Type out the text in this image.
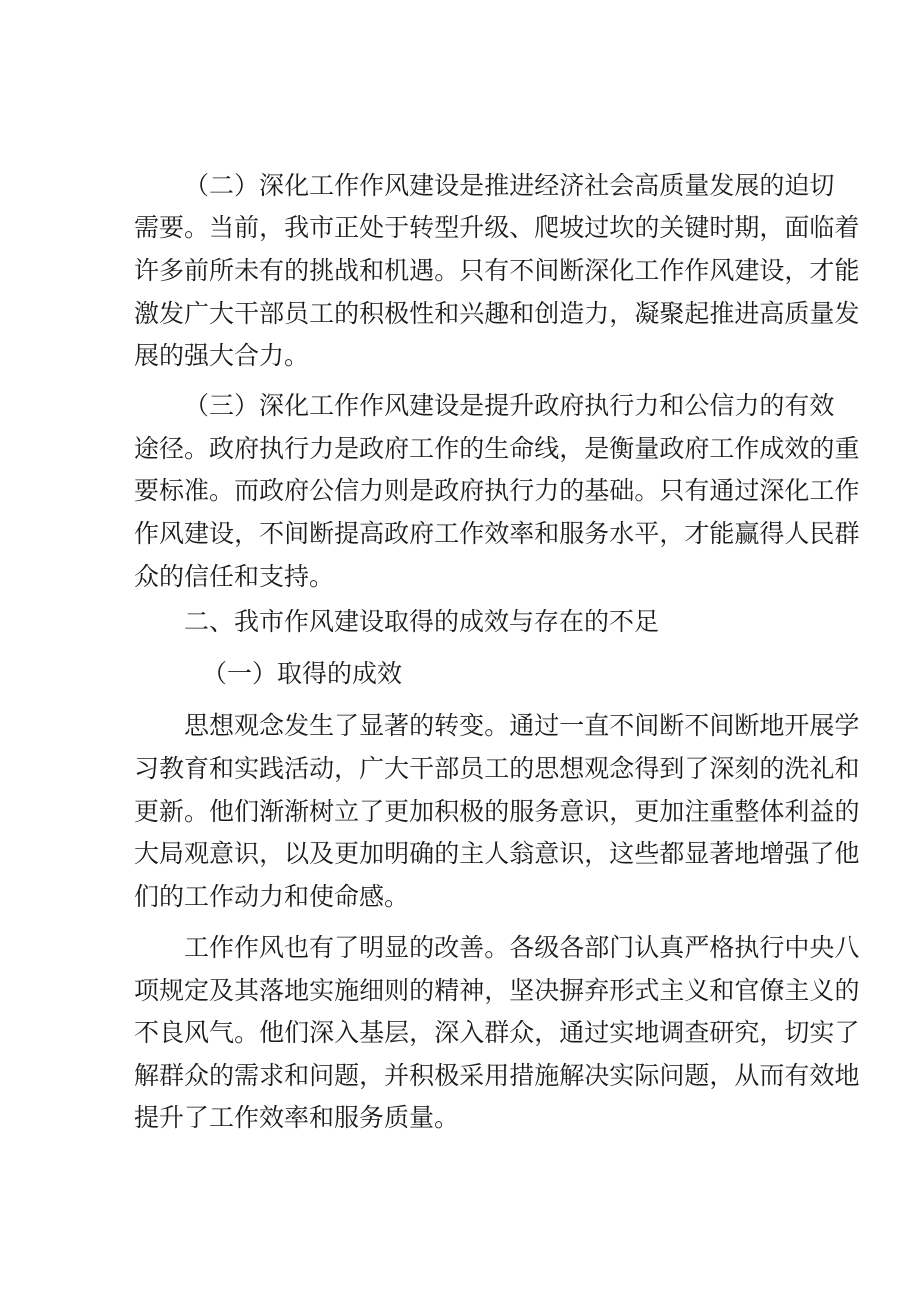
（ 二 ） 深 化 工 作 作 风 建 设 是 推 进 经 济 社 会 高 质 量 发 展 的 迫 切
需 要 。 当 前 ， 我 市 正 处 于 转 型 升 级 、 爬 坡 过 坎 的 关 键 时 期 ， 面 临 着
许 多 前 所 未 有 的 挑 战 和 机 遇 。 只 有 不 间 断 深 化 工 作 作 风 建 设 ， 才 能
激 发 广 大 干 部 员 工 的 积 极 性 和 兴 趣 和 创 造 力 ， 凝 聚 起 推 进 高 质 量 发
展的强大合力。
（ 三 ） 深 化 工 作 作 风 建 设 是 提 升 政 府 执 行 力 和 公 信 力 的 有 效
途 径 。 政 府 执 行 力 是 政 府 工 作 的 生 命 线 ， 是 衡 量 政 府 工 作 成 效 的 重
要 标 准 。 而 政 府 公 信 力 则 是 政 府 执 行 力 的 基 础 。 只 有 通 过 深 化 工 作
作 风 建 设 ， 不 间 断 提 高 政 府 工 作 效 率 和 服 务 水 平 ， 才 能 赢 得 人 民 群
众的信任和支持。
二、我市作风建设取得的成效与存在的不足
（一）取得的成效
思 想 观 念 发 生 了 显 著 的 转 变 。 通 过 一 直 不 间 断 不 间 断 地 开 展 学
习 教 育 和 实 践 活 动 ， 广 大 干 部 员 工 的 思 想 观 念 得 到 了 深 刻 的 洗 礼 和
更 新 。 他 们 渐 渐 树 立 了 更 加 积 极 的 服 务 意 识 ， 更 加 注 重 整 体 利 益 的
大 局 观 意 识 ， 以 及 更 加 明 确 的 主 人 翁 意 识 ， 这 些 都 显 著 地 增 强 了 他
们的工作动力和使命感。
工 作 作 风 也 有 了 明 显 的 改 善 。 各 级 各 部 门 认 真 严 格 执 行 中 央 八
项 规 定 及 其 落 地 实 施 细 则 的 精 神 ， 坚 决 摒 弃 形 式 主 义 和 官 僚 主 义 的
不 良 风 气 。 他 们 深 入 基 层 ， 深 入 群 众 ， 通 过 实 地 调 查 研 究 ， 切 实 了
解 群 众 的 需 求 和 问 题 ， 并 积 极 采 用 措 施 解 决 实 际 问 题 ， 从 而 有 效 地
提升了工作效率和服务质量。
